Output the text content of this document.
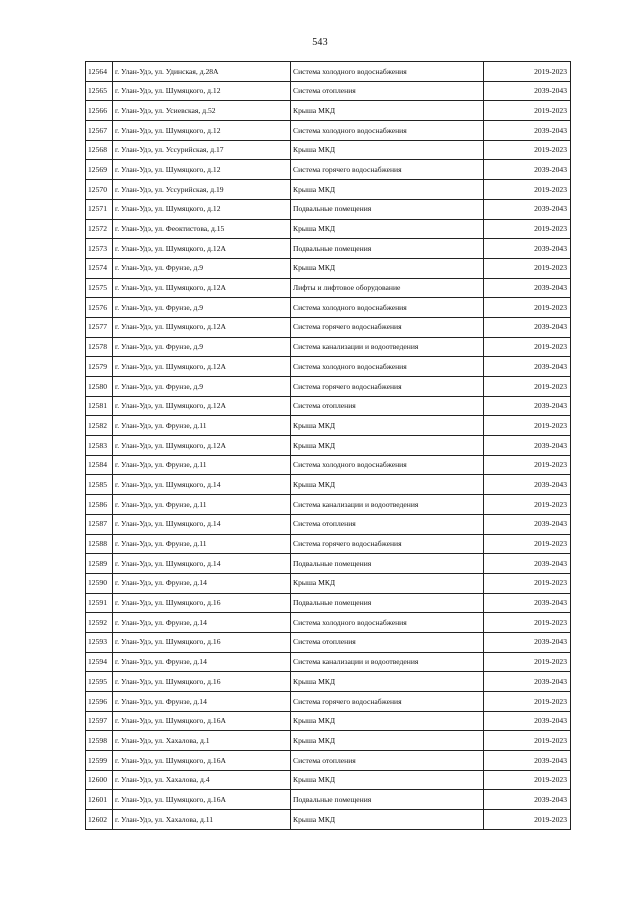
543
12564	г. Улан-Удэ, ул. Удинская, д.28А	Система холодного водоснабжения	2019-2023
12565	г. Улан-Удэ, ул. Шумяцкого, д.12	Система отопления	2039-2043
12566	г. Улан-Удэ, ул. Усиевская, д.52	Крыша МКД	2019-2023
12567	г. Улан-Удэ, ул. Шумяцкого, д.12	Система холодного водоснабжения	2039-2043
12568	г. Улан-Удэ, ул. Уссурийская, д.17	Крыша МКД	2019-2023
12569	г. Улан-Удэ, ул. Шумяцкого, д.12	Система горячего водоснабжения	2039-2043
12570	г. Улан-Удэ, ул. Уссурийская, д.19	Крыша МКД	2019-2023
12571	г. Улан-Удэ, ул. Шумяцкого, д.12	Подвальные помещения	2039-2043
12572	г. Улан-Удэ, ул. Феоктистова, д.15	Крыша МКД	2019-2023
12573	г. Улан-Удэ, ул. Шумяцкого, д.12А	Подвальные помещения	2039-2043
12574	г. Улан-Удэ, ул. Фрунзе, д.9	Крыша МКД	2019-2023
12575	г. Улан-Удэ, ул. Шумяцкого, д.12А	Лифты и лифтовое оборудование	2039-2043
12576	г. Улан-Удэ, ул. Фрунзе, д.9	Система холодного водоснабжения	2019-2023
12577	г. Улан-Удэ, ул. Шумяцкого, д.12А	Система горячего водоснабжения	2039-2043
12578	г. Улан-Удэ, ул. Фрунзе, д.9	Система канализации и водоотведения	2019-2023
12579	г. Улан-Удэ, ул. Шумяцкого, д.12А	Система холодного водоснабжения	2039-2043
12580	г. Улан-Удэ, ул. Фрунзе, д.9	Система горячего водоснабжения	2019-2023
12581	г. Улан-Удэ, ул. Шумяцкого, д.12А	Система отопления	2039-2043
12582	г. Улан-Удэ, ул. Фрунзе, д.11	Крыша МКД	2019-2023
12583	г. Улан-Удэ, ул. Шумяцкого, д.12А	Крыша МКД	2039-2043
12584	г. Улан-Удэ, ул. Фрунзе, д.11	Система холодного водоснабжения	2019-2023
12585	г. Улан-Удэ, ул. Шумяцкого, д.14	Крыша МКД	2039-2043
12586	г. Улан-Удэ, ул. Фрунзе, д.11	Система канализации и водоотведения	2019-2023
12587	г. Улан-Удэ, ул. Шумяцкого, д.14	Система отопления	2039-2043
12588	г. Улан-Удэ, ул. Фрунзе, д.11	Система горячего водоснабжения	2019-2023
12589	г. Улан-Удэ, ул. Шумяцкого, д.14	Подвальные помещения	2039-2043
12590	г. Улан-Удэ, ул. Фрунзе, д.14	Крыша МКД	2019-2023
12591	г. Улан-Удэ, ул. Шумяцкого, д.16	Подвальные помещения	2039-2043
12592	г. Улан-Удэ, ул. Фрунзе, д.14	Система холодного водоснабжения	2019-2023
12593	г. Улан-Удэ, ул. Шумяцкого, д.16	Система отопления	2039-2043
12594	г. Улан-Удэ, ул. Фрунзе, д.14	Система канализации и водоотведения	2019-2023
12595	г. Улан-Удэ, ул. Шумяцкого, д.16	Крыша МКД	2039-2043
12596	г. Улан-Удэ, ул. Фрунзе, д.14	Система горячего водоснабжения	2019-2023
12597	г. Улан-Удэ, ул. Шумяцкого, д.16А	Крыша МКД	2039-2043
12598	г. Улан-Удэ, ул. Хахалова, д.1	Крыша МКД	2019-2023
12599	г. Улан-Удэ, ул. Шумяцкого, д.16А	Система отопления	2039-2043
12600	г. Улан-Удэ, ул. Хахалова, д.4	Крыша МКД	2019-2023
12601	г. Улан-Удэ, ул. Шумяцкого, д.16А	Подвальные помещения	2039-2043
12602	г. Улан-Удэ, ул. Хахалова, д.11	Крыша МКД	2019-2023
